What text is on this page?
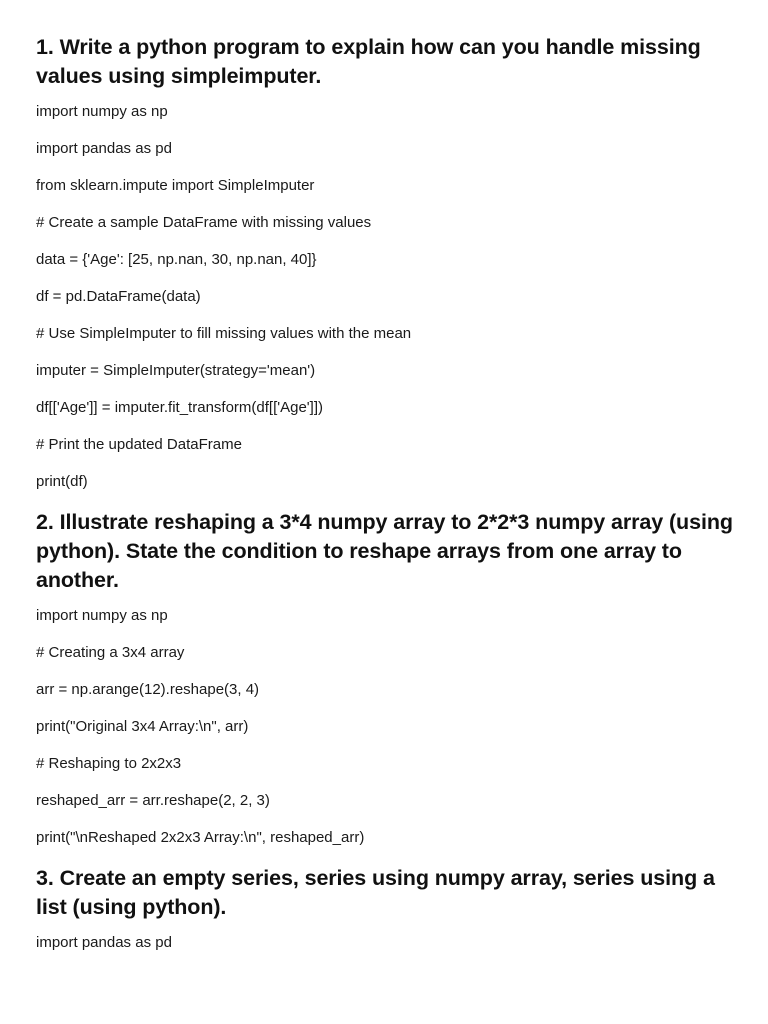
1. Write a python program to explain how can you handle missing values using simpleimputer.

import numpy as np

import pandas as pd

from sklearn.impute import SimpleImputer

# Create a sample DataFrame with missing values

data = {'Age': [25, np.nan, 30, np.nan, 40]}

df = pd.DataFrame(data)

# Use SimpleImputer to fill missing values with the mean

imputer = SimpleImputer(strategy='mean')

df[['Age']] = imputer.fit_transform(df[['Age']])

# Print the updated DataFrame

print(df)

2. Illustrate reshaping a 3*4 numpy array to 2*2*3 numpy array (using python). State the condition to reshape arrays from one array to another.

import numpy as np

# Creating a 3x4 array

arr = np.arange(12).reshape(3, 4)

print("Original 3x4 Array:\n", arr)

# Reshaping to 2x2x3

reshaped_arr = arr.reshape(2, 2, 3)

print("\nReshaped 2x2x3 Array:\n", reshaped_arr)

3. Create an empty series, series using numpy array, series using a list (using python).

import pandas as pd
